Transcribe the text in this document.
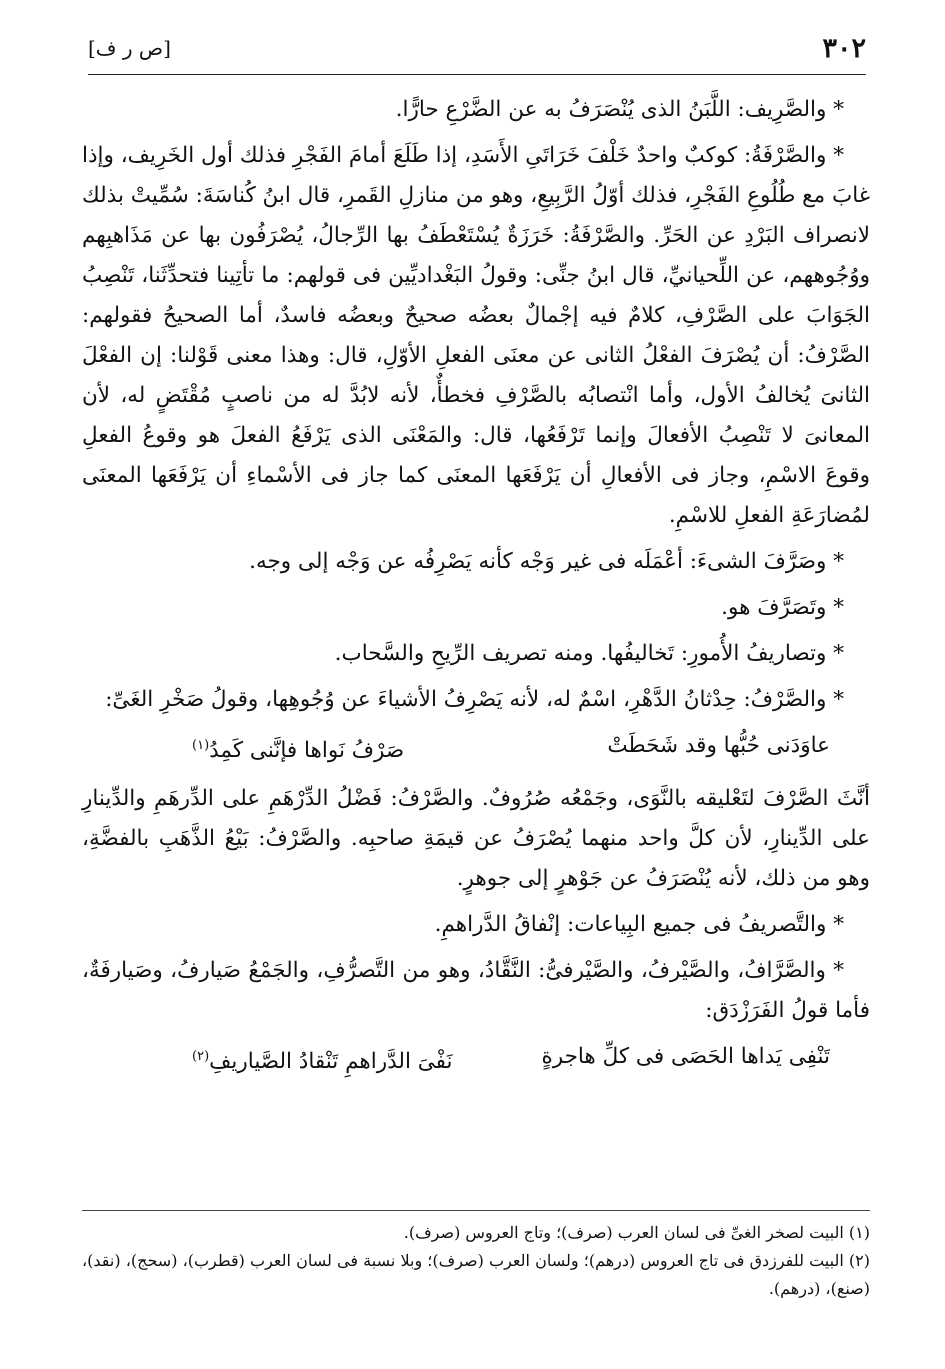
٣٠٢
[ص ر ف]

* والصَّرِيف: اللَّبَنُ الذى يُنْصَرَفُ به عن الضَّرْعِ حارًّا.

* والصَّرْفَةُ: كوكبٌ واحدٌ خَلْفَ خَرَاتَىِ الأَسَدِ، إذا طَلَعَ أمامَ الفَجْرِ فذلك أول الخَرِيف، وإذا غابَ مع طُلُوعِ الفَجْرِ، فذلك أوّلُ الرَّبِيعِ، وهو من منازلِ القَمرِ، قال ابنُ كُناسَةَ: سُمِّيتْ بذلك لانصراف البَرْدِ عن الحَرِّ. والصَّرْفَةُ: خَرَزَةٌ يُسْتَعْطَفُ بها الرِّجالُ، يُصْرَفُون بها عن مَذَاهبِهم ووُجُوههم، عن اللِّحيانيِّ، قال ابنُ جنِّى: وقولُ البَغْداديِّين فى قولهم: ما تأتِينا فتحدِّثَنا، تَنْصِبُ الجَوَابَ على الصَّرْفِ، كلامٌ فيه إجْمالٌ بعضُه صحيحٌ وبعضُه فاسدٌ، أما الصحيحُ فقولهم: الصَّرْفُ: أن يُصْرَفَ الفعْلُ الثانى عن معنَى الفعلِ الأوّلِ، قال: وهذا معنى قَوْلنا: إن الفعْلَ الثانىَ يُخالفُ الأول، وأما انْتصابُه بالصَّرْفِ فخطأٌ، لأنه لابُدَّ له من ناصبٍ مُقْتَضٍ له، لأن المعانىَ لا تَنْصِبُ الأفعالَ وإنما تَرْفَعُها، قال: والمَعْنَى الذى يَرْفَعُ الفعلَ هو وقوعُ الفعلِ وقوعَ الاسْمِ، وجاز فى الأفعالِ أن يَرْفَعَها المعنَى كما جاز فى الأسْماءِ أن يَرْفَعَها المعنَى لمُضارَعَةِ الفعلِ للاسْمِ.

* وصَرَّفَ الشىءَ: أعْمَلَه فى غير وَجْه كأنه يَصْرِفُه عن وَجْه إلى وجه.

* وتَصَرَّفَ هو.

* وتصاريفُ الأُمورِ: تَخاليفُها. ومنه تصريف الرِّيحِ والسَّحاب.

* والصَّرْفُ: حِدْثانُ الدَّهْرِ، اسْمٌ له، لأنه يَصْرِفُ الأشياءَ عن وُجُوهِها، وقولُ صَخْرِ الغَىِّ:

عاوَدَنى حُبُّها وقد شَحَطَتْ
صَرْفُ نَواها فإنَّنى كَمِدُ$^{(١)}$

أنَّثَ الصَّرْفَ لتَعْليقه بالنَّوَى، وجَمْعُه صُرُوفٌ. والصَّرْفُ: فَضْلُ الدِّرْهَمِ على الدِّرهَمِ والدِّينارِ على الدِّينارِ، لأن كلَّ واحد منهما يُصْرَفُ عن قيمَةِ صاحبِه. والصَّرْفُ: بَيْعُ الذَّهَبِ بالفضَّةِ، وهو من ذلك، لأنه يُنْصَرَفُ عن جَوْهرٍ إلى جوهرٍ.

* والتَّصريفُ فى جميع البِياعات: إنْفاقُ الدَّراهمِ.

* والصَّرَّافُ، والصَّيْرفُ، والصَّيْرفىُّ: النَّقَّادُ، وهو من التَّصرُّفِ، والجَمْعُ صَيارفُ، وصَيارفَةٌ، فأما قولُ الفَرَزْدَق:

تَنْفِى يَداها الحَصَى فى كلِّ هاجرةٍ
نَفْىَ الدَّراهمِ تَنْقادُ الصَّياريفِ$^{(٢)}$

(١) البيت لصخر الغىِّ فى لسان العرب (صرف)؛ وتاج العروس (صرف).

(٢) البيت للفرزدق فى تاج العروس (درهم)؛ ولسان العرب (صرف)؛ وبلا نسبة فى لسان العرب (قطرب)، (سحج)، (نقد)، (صنع)، (درهم).
